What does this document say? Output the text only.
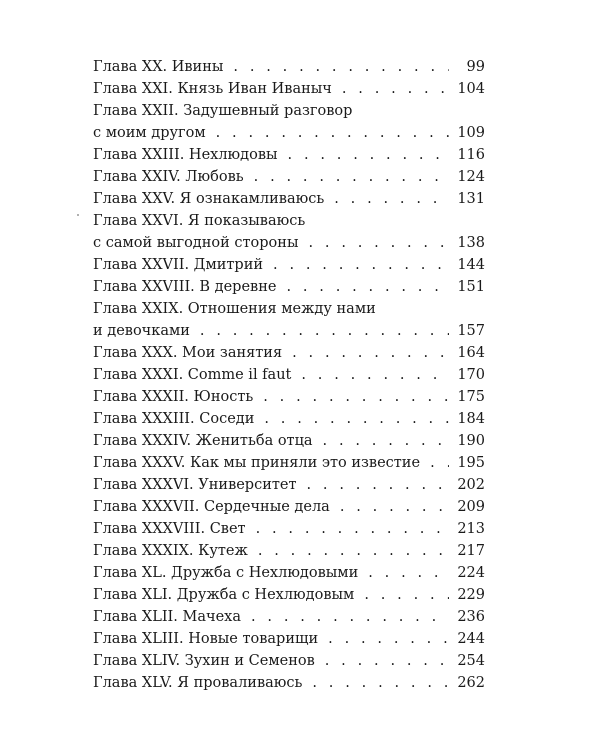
Глава XX. Ивины . . .	99
Глава XXI. Князь Иван Иваныч . . .	104
Глава XXII. Задушевный разговор
с моим другом . . .	109
Глава XXIII. Нехлюдовы . . .	116
Глава XXIV. Любовь . . .	124
Глава XXV. Я ознакамливаюсь . . .	131
Глава XXVI. Я показываюсь
с самой выгодной стороны . . .	138
Глава XXVII. Дмитрий . . .	144
Глава XXVIII. В деревне . . .	151
Глава XXIX. Отношения между нами
и девочками . . .	157
Глава XXX. Мои занятия . . .	164
Глава XXXI. Comme il faut . . .	170
Глава XXXII. Юность . . .	175
Глава XXXIII. Соседи . . .	184
Глава XXXIV. Женитьба отца . . .	190
Глава XXXV. Как мы приняли это известие . . .	195
Глава XXXVI. Университет . . .	202
Глава XXXVII. Сердечные дела . . .	209
Глава XXXVIII. Свет . . .	213
Глава XXXIX. Кутеж . . .	217
Глава XL. Дружба с Нехлюдовыми . . .	224
Глава XLI. Дружба с Нехлюдовым . . .	229
Глава XLII. Мачеха . . .	236
Глава XLIII. Новые товарищи . . .	244
Глава XLIV. Зухин и Семенов . . .	254
Глава XLV. Я проваливаюсь . . .	262
